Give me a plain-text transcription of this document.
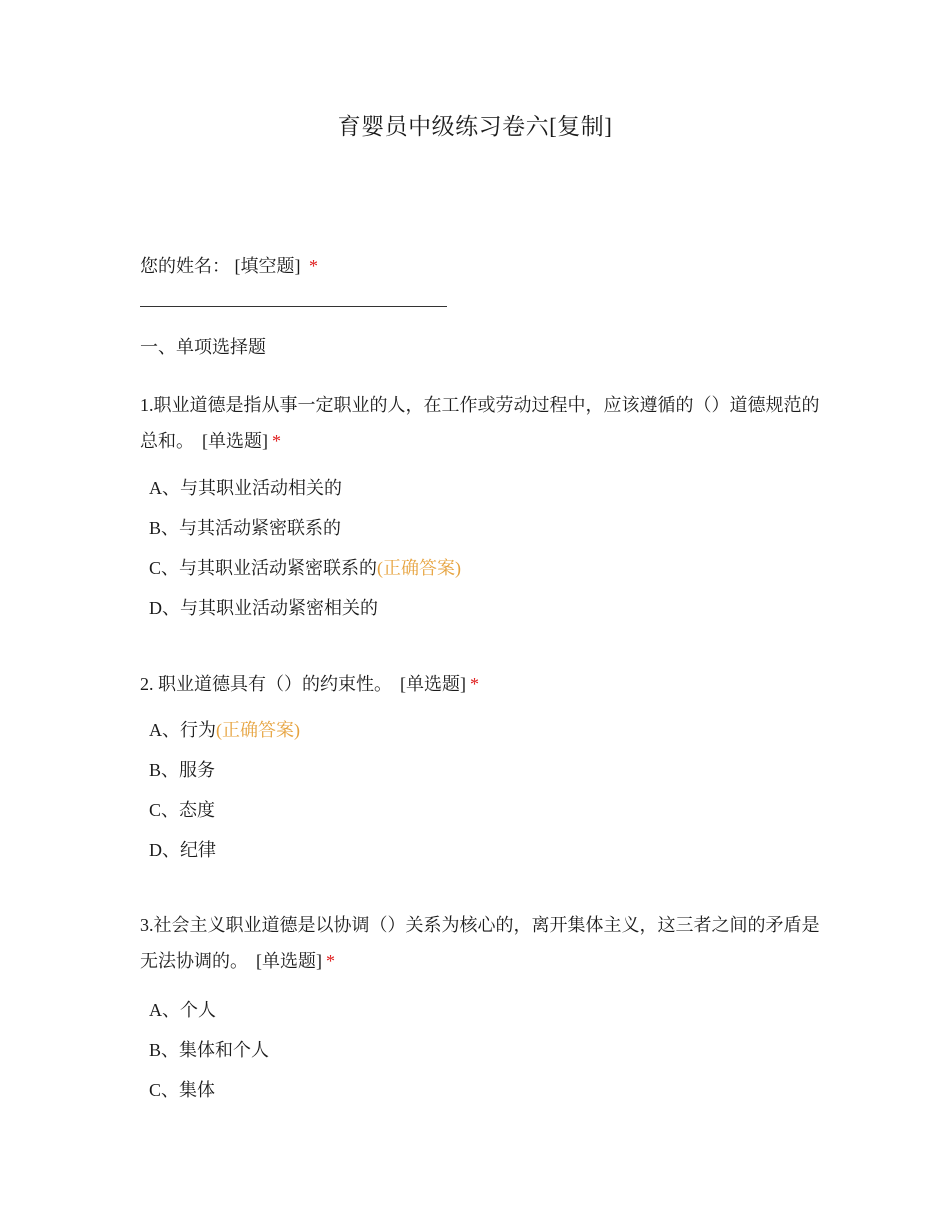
育婴员中级练习卷六[复制]
您的姓名： [填空题] *
一、单项选择题
1.职业道德是指从事一定职业的人，在工作或劳动过程中，应该遵循的（）道德规范的总和。 [单选题] *
A、与其职业活动相关的
B、与其活动紧密联系的
C、与其职业活动紧密联系的(正确答案)
D、与其职业活动紧密相关的
2. 职业道德具有（）的约束性。 [单选题] *
A、行为(正确答案)
B、服务
C、态度
D、纪律
3.社会主义职业道德是以协调（）关系为核心的，离开集体主义，这三者之间的矛盾是无法协调的。 [单选题] *
A、个人
B、集体和个人
C、集体
